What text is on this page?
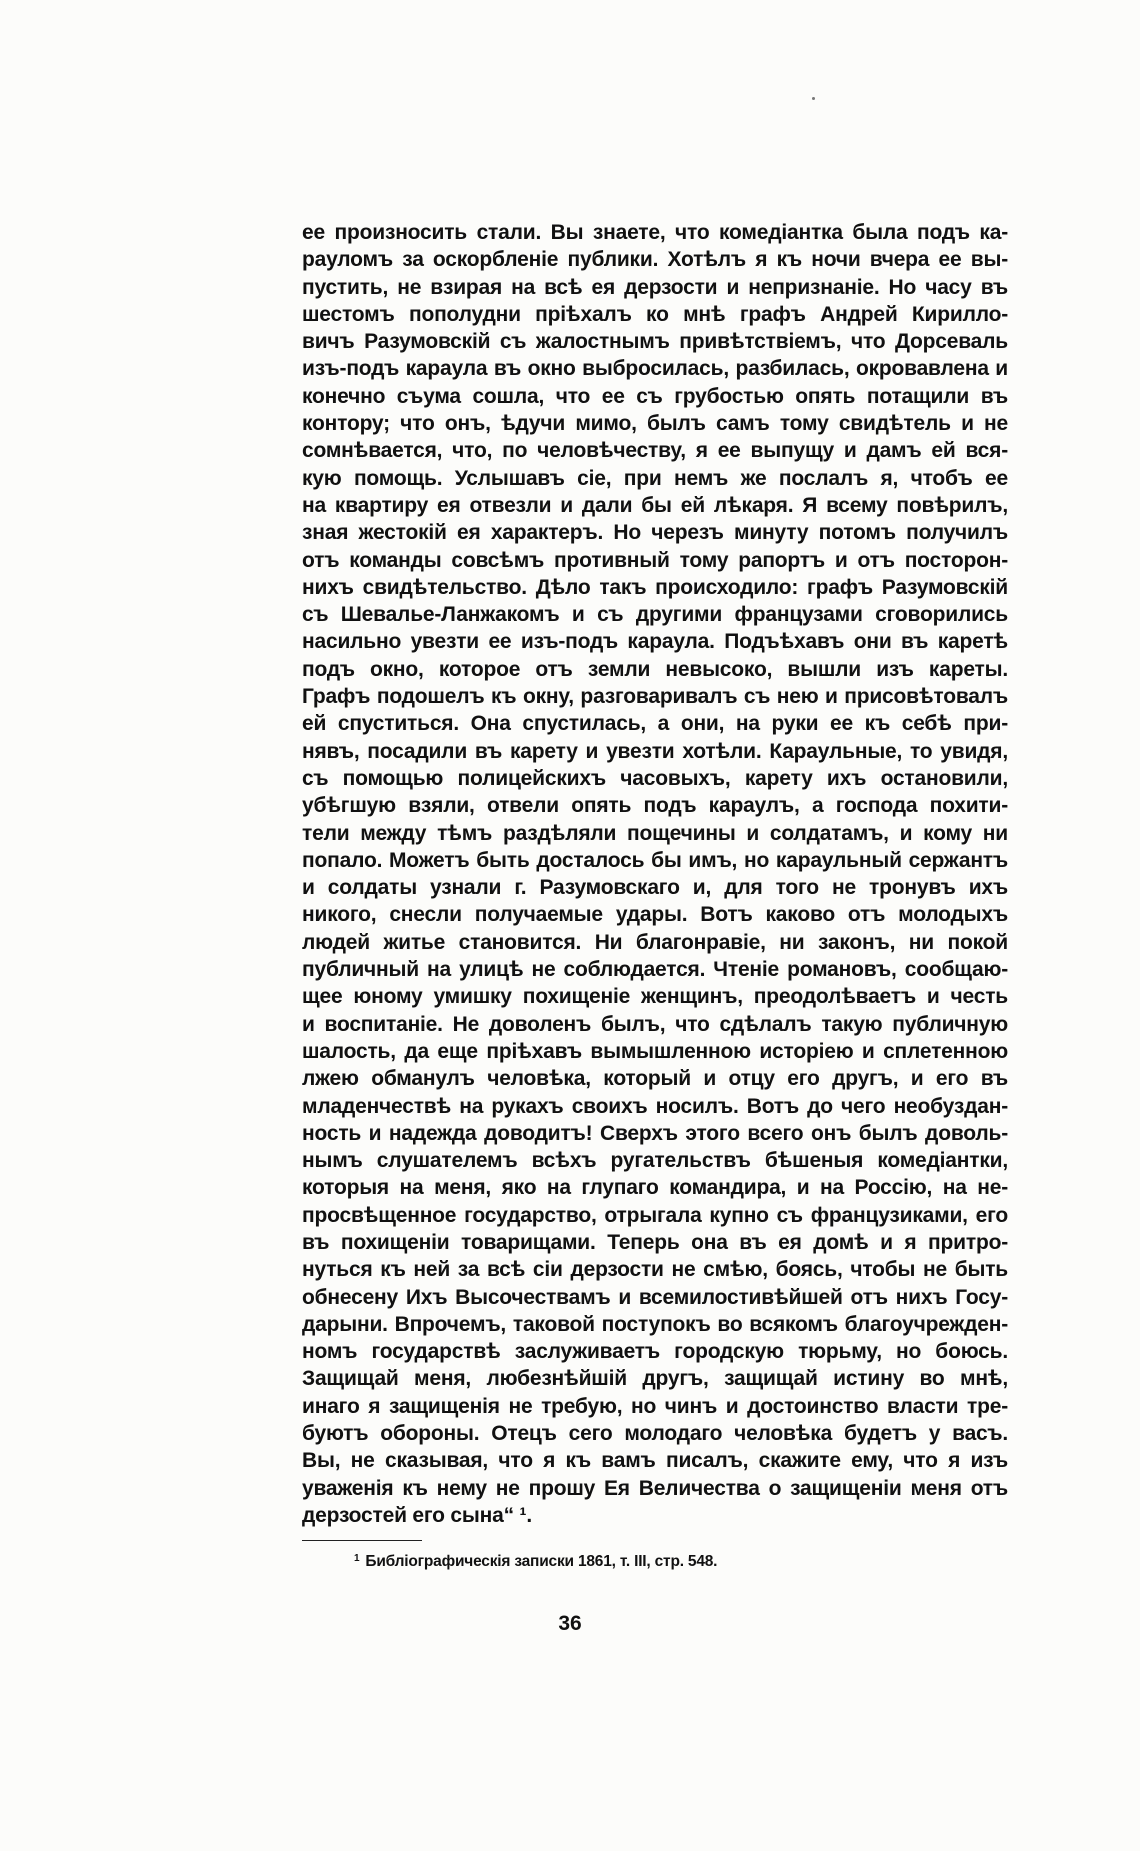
ее произносить стали. Вы знаете, что комедіантка была подъ ка-
рауломъ за оскорбленіе публики. Хотѣлъ я къ ночи вчера ее вы-
пустить, не взирая на всѣ ея дерзости и непризнаніе. Но часу въ
шестомъ пополудни пріѣхалъ ко мнѣ графъ Андрей Кирилло-
вичъ Разумовскій съ жалостнымъ привѣтствіемъ, что Дорсеваль
изъ-подъ караула въ окно выбросилась, разбилась, окровавлена и
конечно съума сошла, что ее съ грубостью опять потащили въ
контору; что онъ, ѣдучи мимо, былъ самъ тому свидѣтель и не
сомнѣвается, что, по человѣчеству, я ее выпущу и дамъ ей вся-
кую помощь. Услышавъ сіе, при немъ же послалъ я, чтобъ ее
на квартиру ея отвезли и дали бы ей лѣкаря. Я всему повѣрилъ,
зная жестокій ея характеръ. Но черезъ минуту потомъ получилъ
отъ команды совсѣмъ противный тому рапортъ и отъ посторон-
нихъ свидѣтельство. Дѣло такъ происходило: графъ Разумовскій
съ Шевалье-Ланжакомъ и съ другими французами сговорились
насильно увезти ее изъ-подъ караула. Подъѣхавъ они въ каретѣ
подъ окно, которое отъ земли невысоко, вышли изъ кареты.
Графъ подошелъ къ окну, разговаривалъ съ нею и присовѣтовалъ
ей спуститься. Она спустилась, а они, на руки ее къ себѣ при-
нявъ, посадили въ карету и увезти хотѣли. Караульные, то увидя,
съ помощью полицейскихъ часовыхъ, карету ихъ остановили,
убѣгшую взяли, отвели опять подъ караулъ, а господа похити-
тели между тѣмъ раздѣляли пощечины и солдатамъ, и кому ни
попало. Можетъ быть досталось бы имъ, но караульный сержантъ
и солдаты узнали г. Разумовскаго и, для того не тронувъ ихъ
никого, снесли получаемые удары. Вотъ каково отъ молодыхъ
людей житье становится. Ни благонравіе, ни законъ, ни покой
публичный на улицѣ не соблюдается. Чтеніе романовъ, сообщаю-
щее юному умишку похищеніе женщинъ, преодолѣваетъ и честь
и воспитаніе. Не доволенъ былъ, что сдѣлалъ такую публичную
шалость, да еще пріѣхавъ вымышленною исторіею и сплетенною
лжею обманулъ человѣка, который и отцу его другъ, и его въ
младенчествѣ на рукахъ своихъ носилъ. Вотъ до чего необуздан-
ность и надежда доводитъ! Сверхъ этого всего онъ былъ доволь-
нымъ слушателемъ всѣхъ ругательствъ бѣшеныя комедіантки,
которыя на меня, яко на глупаго командира, и на Россію, на не-
просвѣщенное государство, отрыгала купно съ французиками, его
въ похищеніи товарищами. Теперь она въ ея домѣ и я притро-
нуться къ ней за всѣ сіи дерзости не смѣю, боясь, чтобы не быть
обнесену Ихъ Высочествамъ и всемилостивѣйшей отъ нихъ Госу-
дарыни. Впрочемъ, таковой поступокъ во всякомъ благоучрежден-
номъ государствѣ заслуживаетъ городскую тюрьму, но боюсь.
Защищай меня, любезнѣйшій другъ, защищай истину во мнѣ,
инаго я защищенія не требую, но чинъ и достоинство власти тре-
буютъ обороны. Отецъ сего молодаго человѣка будетъ у васъ.
Вы, не сказывая, что я къ вамъ писалъ, скажите ему, что я изъ
уваженія къ нему не прошу Ея Величества о защищеніи меня отъ
дерзостей его сына“ ¹.
$^1$ Библіографическія записки 1861, т. III, стр. 548.
36
